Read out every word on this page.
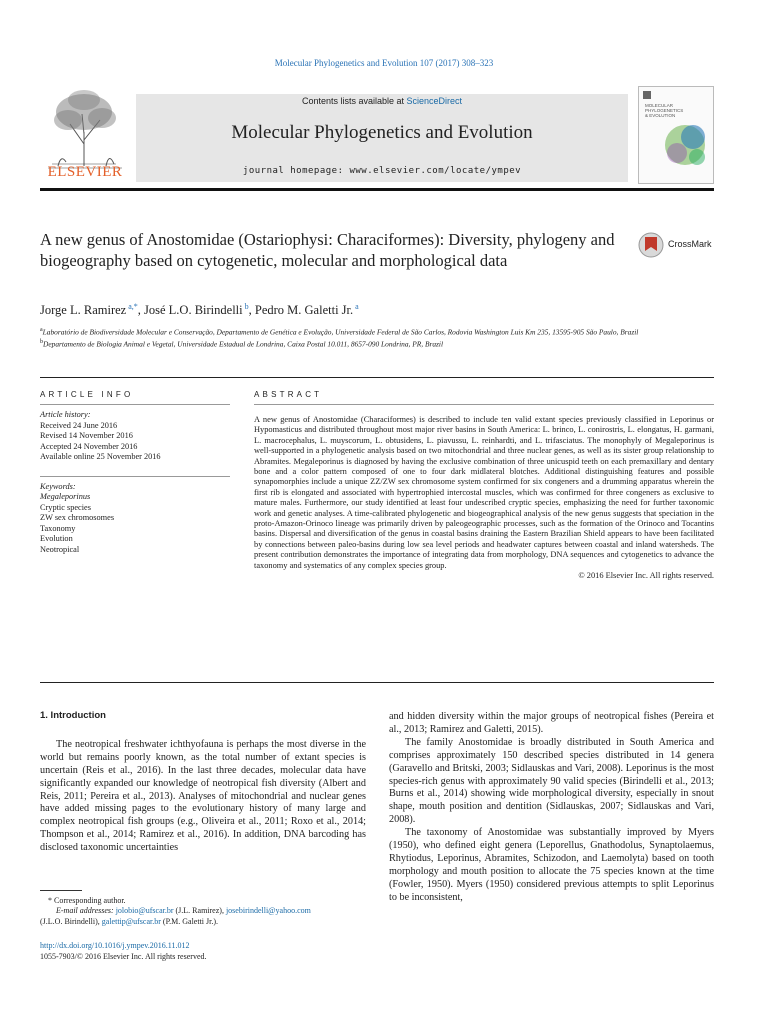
Molecular Phylogenetics and Evolution 107 (2017) 308–323
ELSEVIER
Contents lists available at ScienceDirect
Molecular Phylogenetics and Evolution
journal homepage: www.elsevier.com/locate/ympev
MOLECULAR PHYLOGENETICS & EVOLUTION
A new genus of Anostomidae (Ostariophysi: Characiformes): Diversity, phylogeny and biogeography based on cytogenetic, molecular and morphological data
CrossMark
Jorge L. Ramirez $^{a,*}$, José L.O. Birindelli $^b$, Pedro M. Galetti Jr. $^a$
$^a$Laboratório de Biodiversidade Molecular e Conservação, Departamento de Genética e Evolução, Universidade Federal de São Carlos, Rodovia Washington Luis Km 235, 13595-905 São Paulo, Brazil
$^b$Departamento de Biologia Animal e Vegetal, Universidade Estadual de Londrina, Caixa Postal 10.011, 8657-090 Londrina, PR, Brazil
ARTICLE INFO	ABSTRACT
Article history:
Received 24 June 2016
Revised 14 November 2016
Accepted 24 November 2016
Available online 25 November 2016
Keywords:
Megaleporinus
Cryptic species
ZW sex chromosomes
Taxonomy
Evolution
Neotropical
A new genus of Anostomidae (Characiformes) is described to include ten valid extant species previously classified in Leporinus or Hypomasticus and distributed throughout most major river basins in South America: L. brinco, L. conirostris, L. elongatus, H. garmani, L. macrocephalus, L. muyscorum, L. obtusidens, L. piavussu, L. reinhardti, and L. trifasciatus. The monophyly of Megaleporinus is well-supported in a phylogenetic analysis based on two mitochondrial and three nuclear genes, as well as its sister group relationship to Abramites. Megaleporinus is diagnosed by having the exclusive combination of three unicuspid teeth on each premaxillary and dentary bone and a color pattern composed of one to four dark midlateral blotches. Additional distinguishing features and possible synapomorphies include a unique ZZ/ZW sex chromosome system confirmed for six congeners and a drumming apparatus wherein the first rib is elongated and associated with hypertrophied intercostal muscles, which was confirmed for three congeners as exclusive to mature males. Furthermore, our study identified at least four undescribed cryptic species, emphasizing the need for further taxonomic work and genetic analyses. A time-calibrated phylogenetic and biogeographical analysis of the new genus suggests that speciation in the proto-Amazon-Orinoco lineage was primarily driven by paleogeographic processes, such as the formation of the Orinoco and Tocantins basins. Dispersal and diversification of the genus in coastal basins draining the Eastern Brazilian Shield appears to have been facilitated by connections between paleo-basins during low sea level periods and headwater captures between coastal and inland watersheds. The present contribution demonstrates the importance of integrating data from morphology, DNA sequences and cytogenetics to advance the taxonomy and systematics of any complex species group.
© 2016 Elsevier Inc. All rights reserved.
1. Introduction

The neotropical freshwater ichthyofauna is perhaps the most diverse in the world but remains poorly known, as the total number of extant species is uncertain (Reis et al., 2016). In the last three decades, molecular data have significantly expanded our knowledge of neotropical fish diversity (Albert and Reis, 2011; Pereira et al., 2013). Analyses of mitochondrial and nuclear genes have added missing pages to the evolutionary history of many large and complex neotropical fish groups (e.g., Oliveira et al., 2011; Roxo et al., 2014; Thompson et al., 2014; Ramirez et al., 2016). In addition, DNA barcoding has disclosed taxonomic uncertainties

and hidden diversity within the major groups of neotropical fishes (Pereira et al., 2013; Ramirez and Galetti, 2015).

The family Anostomidae is broadly distributed in South America and comprises approximately 150 described species distributed in 14 genera (Garavello and Britski, 2003; Sidlauskas and Vari, 2008). Leporinus is the most species-rich genus with approximately 90 valid species (Birindelli et al., 2013; Burns et al., 2014) showing wide morphological diversity, especially in snout shape, mouth position and dentition (Sidlauskas, 2007; Sidlauskas and Vari, 2008).

The taxonomy of Anostomidae was substantially improved by Myers (1950), who defined eight genera (Leporellus, Gnathodolus, Synaptolaemus, Rhytiodus, Leporinus, Abramites, Schizodon, and Laemolyta) based on tooth morphology and mouth position to allocate the 75 species known at the time (Fowler, 1950). Myers (1950) considered previous attempts to split Leporinus to be inconsistent,

* Corresponding author.
E-mail addresses: jolobio@ufscar.br (J.L. Ramirez), josebirindelli@yahoo.com
(J.L.O. Birindelli), galettip@ufscar.br (P.M. Galetti Jr.).
http://dx.doi.org/10.1016/j.ympev.2016.11.012
1055-7903/© 2016 Elsevier Inc. All rights reserved.
